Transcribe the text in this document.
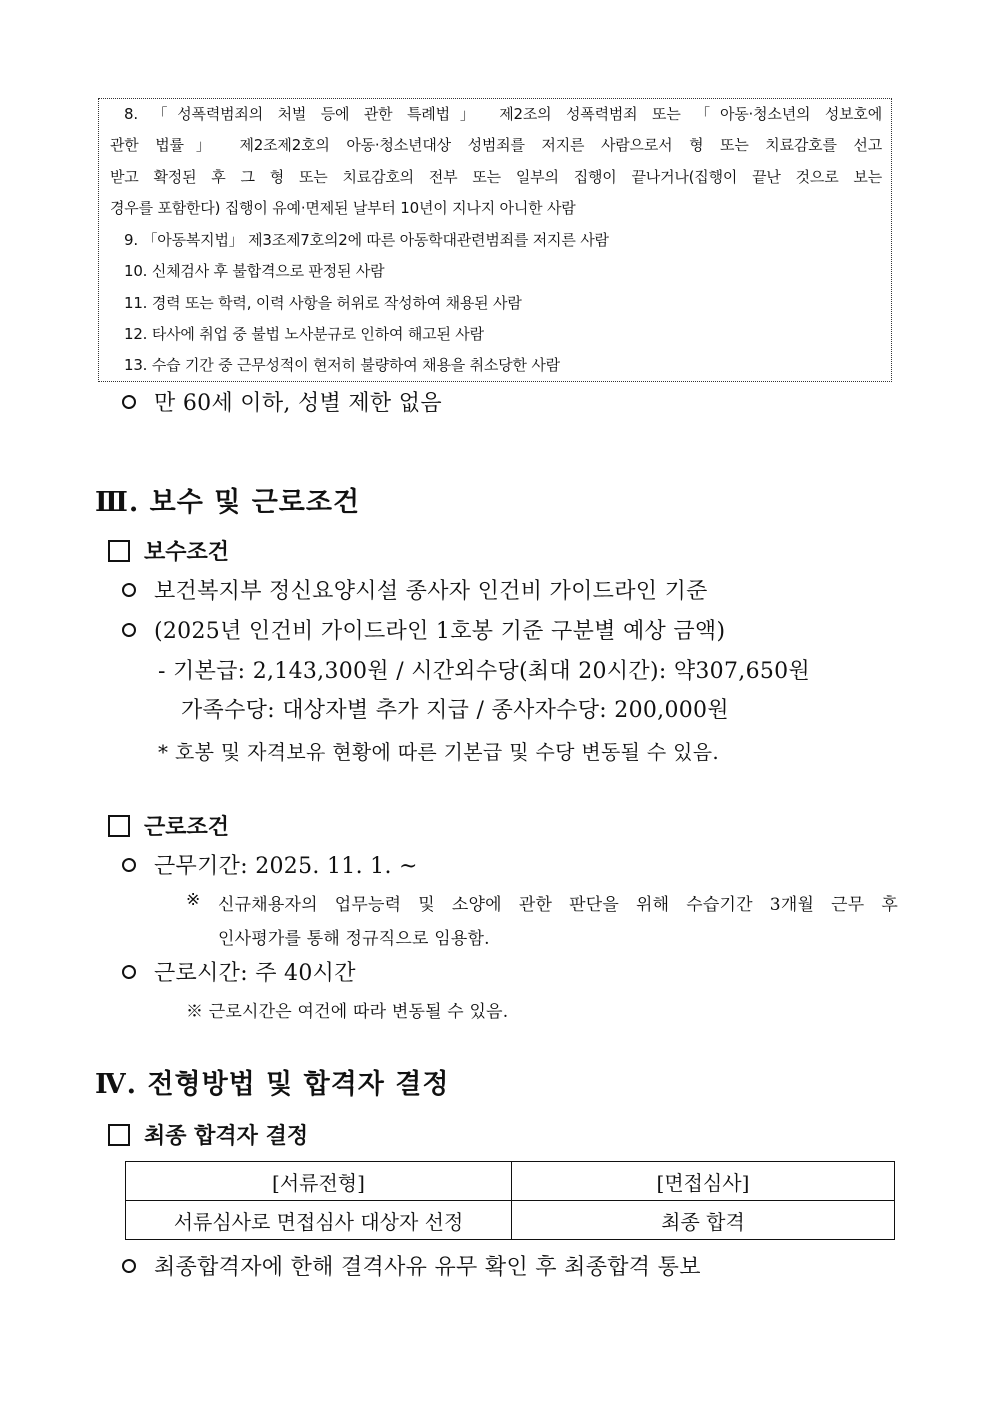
8. 「성폭력범죄의 처벌 등에 관한 특례법」 제2조의 성폭력범죄 또는 「아동·청소년의 성보호에
관한 법률」 제2조제2호의 아동·청소년대상 성범죄를 저지른 사람으로서 형 또는 치료감호를 선고
받고 확정된 후 그 형 또는 치료감호의 전부 또는 일부의 집행이 끝나거나(집행이 끝난 것으로 보는
경우를 포함한다) 집행이 유예·면제된 날부터 10년이 지나지 아니한 사람
9. 「아동복지법」 제3조제7호의2에 따른 아동학대관련범죄를 저지른 사람
10. 신체검사 후 불합격으로 판정된 사람
11. 경력 또는 학력, 이력 사항을 허위로 작성하여 채용된 사람
12. 타사에 취업 중 불법 노사분규로 인하여 해고된 사람
13. 수습 기간 중 근무성적이 현저히 불량하여 채용을 취소당한 사람
만 60세 이하, 성별 제한 없음
Ⅲ. 보수 및 근로조건
보수조건
보건복지부 정신요양시설 종사자 인건비 가이드라인 기준
(2025년 인건비 가이드라인 1호봉 기준 구분별 예상 금액)
- 기본급: 2,143,300원 / 시간외수당(최대 20시간): 약307,650원
가족수당: 대상자별 추가 지급 / 종사자수당: 200,000원
* 호봉 및 자격보유 현황에 따른 기본급 및 수당 변동될 수 있음.
근로조건
근무기간: 2025. 11. 1. ~
※ 신규채용자의 업무능력 및 소양에 관한 판단을 위해 수습기간 3개월 근무 후
인사평가를 통해 정규직으로 임용함.
근로시간: 주 40시간
※ 근로시간은 여건에 따라 변동될 수 있음.
Ⅳ. 전형방법 및 합격자 결정
최종 합격자 결정
[서류전형]	[면접심사]
서류심사로 면접심사 대상자 선정	최종 합격
최종합격자에 한해 결격사유 유무 확인 후 최종합격 통보
